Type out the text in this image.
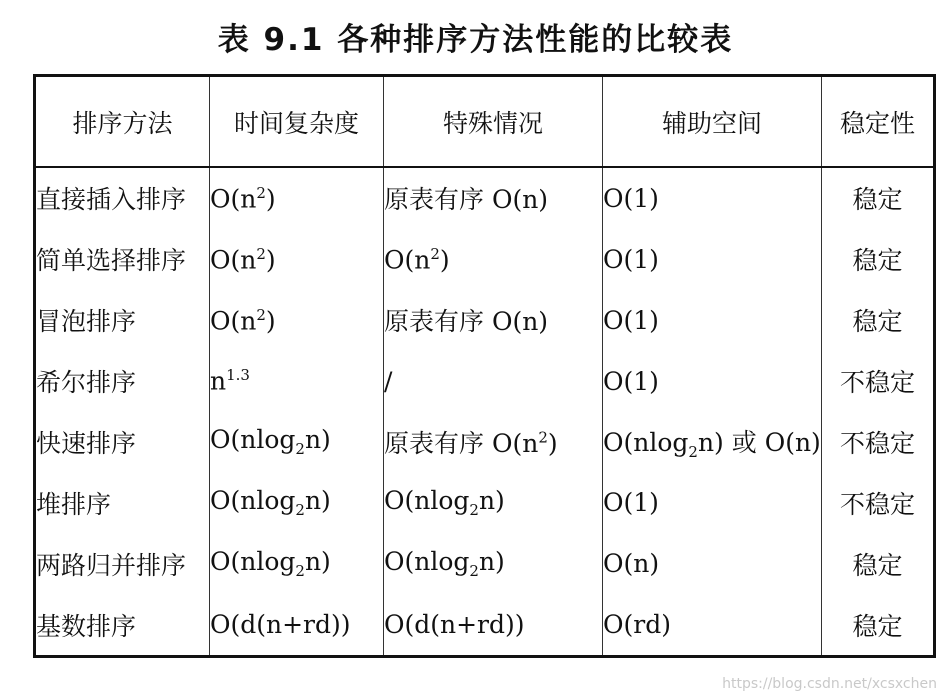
表 9.1 各种排序方法性能的比较表
排序方法	时间复杂度	特殊情况	辅助空间	稳定性
直接插入排序	$O(n^2)$	原表有序 O(n)	O(1)	稳定
简单选择排序	$O(n^2)$	$O(n^2)$	O(1)	稳定
冒泡排序	$O(n^2)$	原表有序 O(n)	O(1)	稳定
希尔排序	$n^{1.3}$	/	O(1)	不稳定
快速排序	O(nlog$_2$n)	原表有序 $O(n^2)$	O(nlog$_2$n) 或 O(n)	不稳定
堆排序	O(nlog$_2$n)	O(nlog$_2$n)	O(1)	不稳定
两路归并排序	O(nlog$_2$n)	O(nlog$_2$n)	O(n)	稳定
基数排序	O(d(n+rd))	O(d(n+rd))	O(rd)	稳定
https://blog.csdn.net/xcsxchen
